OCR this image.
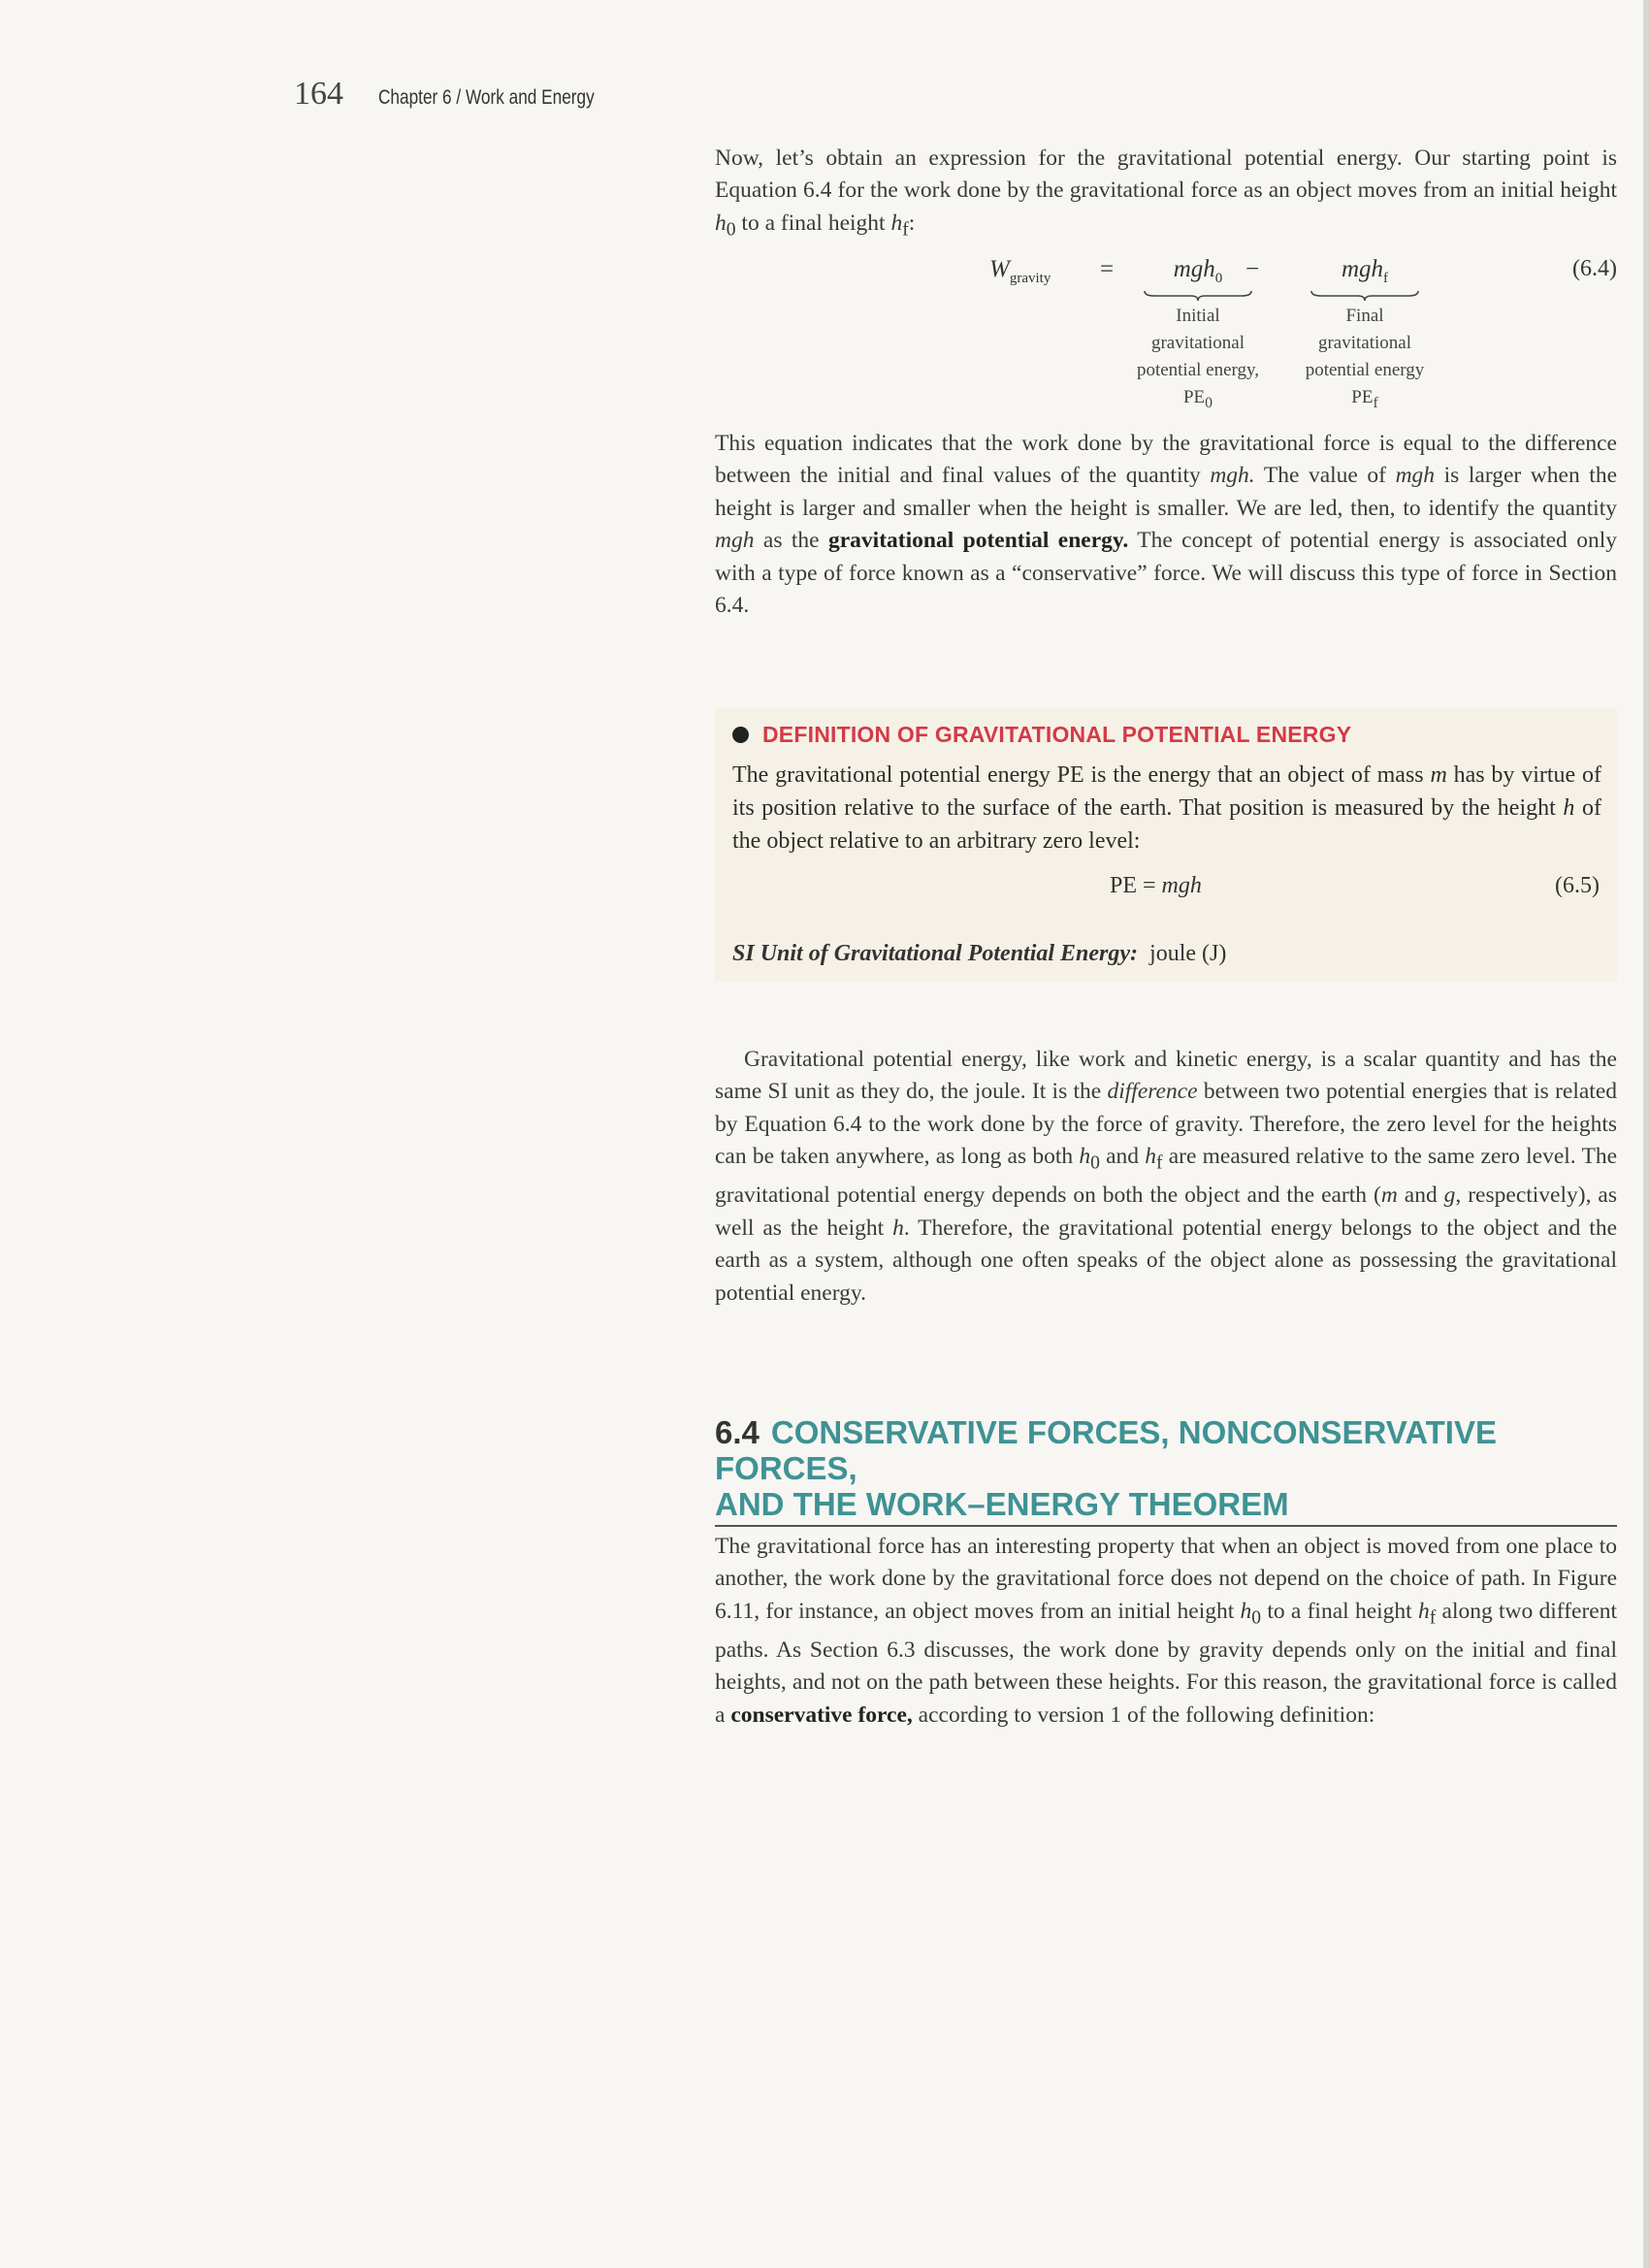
164 Chapter 6 / Work and Energy

Now, let’s obtain an expression for the gravitational potential energy. Our starting point is Equation 6.4 for the work done by the gravitational force as an object moves from an initial height $h_0$ to a final height $h_f$:

$W_{gravity}$ =	mgh$_0$ −	mgh$_f$
Initial
gravitational
potential energy,
$PE_0$
Final
gravitational
potential energy
$PE_f$
(6.4)

This equation indicates that the work done by the gravitational force is equal to the difference between the initial and final values of the quantity mgh. The value of mgh is larger when the height is larger and smaller when the height is smaller. We are led, then, to identify the quantity mgh as the gravitational potential energy. The concept of potential energy is associated only with a type of force known as a “conservative” force. We will discuss this type of force in Section 6.4.

DEFINITION OF GRAVITATIONAL POTENTIAL ENERGY
The gravitational potential energy PE is the energy that an object of mass m has by virtue of its position relative to the surface of the earth. That position is measured by the height h of the object relative to an arbitrary zero level:
PE = mgh	(6.5)
SI Unit of Gravitational Potential Energy: joule (J)

Gravitational potential energy, like work and kinetic energy, is a scalar quantity and has the same SI unit as they do, the joule. It is the difference between two potential energies that is related by Equation 6.4 to the work done by the force of gravity. Therefore, the zero level for the heights can be taken anywhere, as long as both $h_0$ and $h_f$ are measured relative to the same zero level. The gravitational potential energy depends on both the object and the earth (m and g, respectively), as well as the height h. Therefore, the gravitational potential energy belongs to the object and the earth as a system, although one often speaks of the object alone as possessing the gravitational potential energy.

6.4 CONSERVATIVE FORCES, NONCONSERVATIVE FORCES,
AND THE WORK–ENERGY THEOREM

The gravitational force has an interesting property that when an object is moved from one place to another, the work done by the gravitational force does not depend on the choice of path. In Figure 6.11, for instance, an object moves from an initial height $h_0$ to a final height $h_f$ along two different paths. As Section 6.3 discusses, the work done by gravity depends only on the initial and final heights, and not on the path between these heights. For this reason, the gravitational force is called a conservative force, according to version 1 of the following definition:
